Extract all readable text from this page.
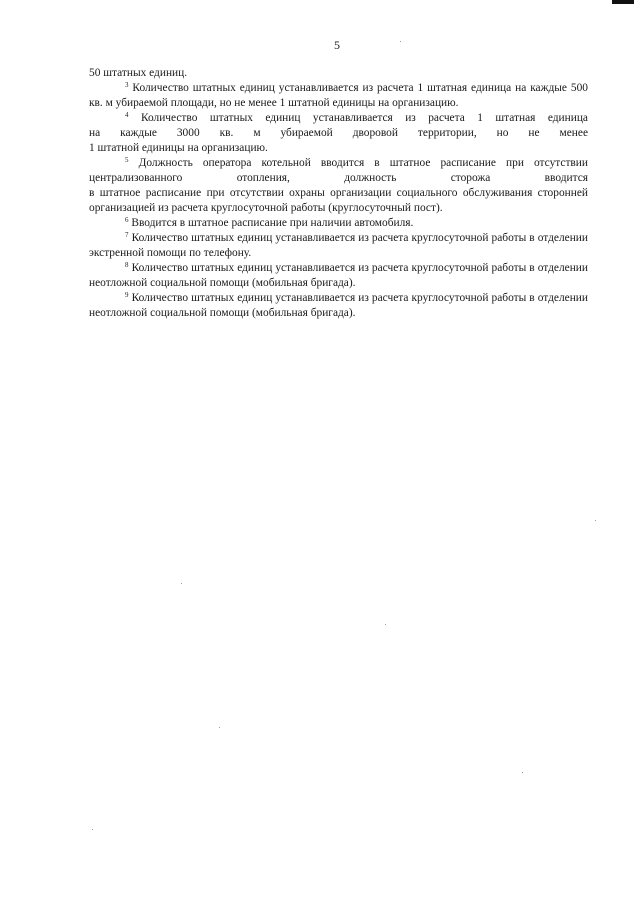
5

50 штатных единиц.

$^3$ Количество штатных единиц устанавливается из расчета 1 штатная единица на каждые 500 кв. м убираемой площади, но не менее 1 штатной единицы на организацию.

$^4$ Количество штатных единиц устанавливается из расчета 1 штатная единица
на каждые 3000 кв. м убираемой дворовой территории, но не менее
1 штатной единицы на организацию.
$^5$ Должность оператора котельной вводится в штатное расписание при отсутствии
централизованного отопления, должность сторожа вводится

в штатное расписание при отсутствии охраны организации социального обслуживания сторонней организацией из расчета круглосуточной работы (круглосуточный пост).

$^6$ Вводится в штатное расписание при наличии автомобиля.

$^7$ Количество штатных единиц устанавливается из расчета круглосуточной работы в отделении экстренной помощи по телефону.

$^8$ Количество штатных единиц устанавливается из расчета круглосуточной работы в отделении неотложной социальной помощи (мобильная бригада).

$^9$ Количество штатных единиц устанавливается из расчета круглосуточной работы в отделении неотложной социальной помощи (мобильная бригада).
